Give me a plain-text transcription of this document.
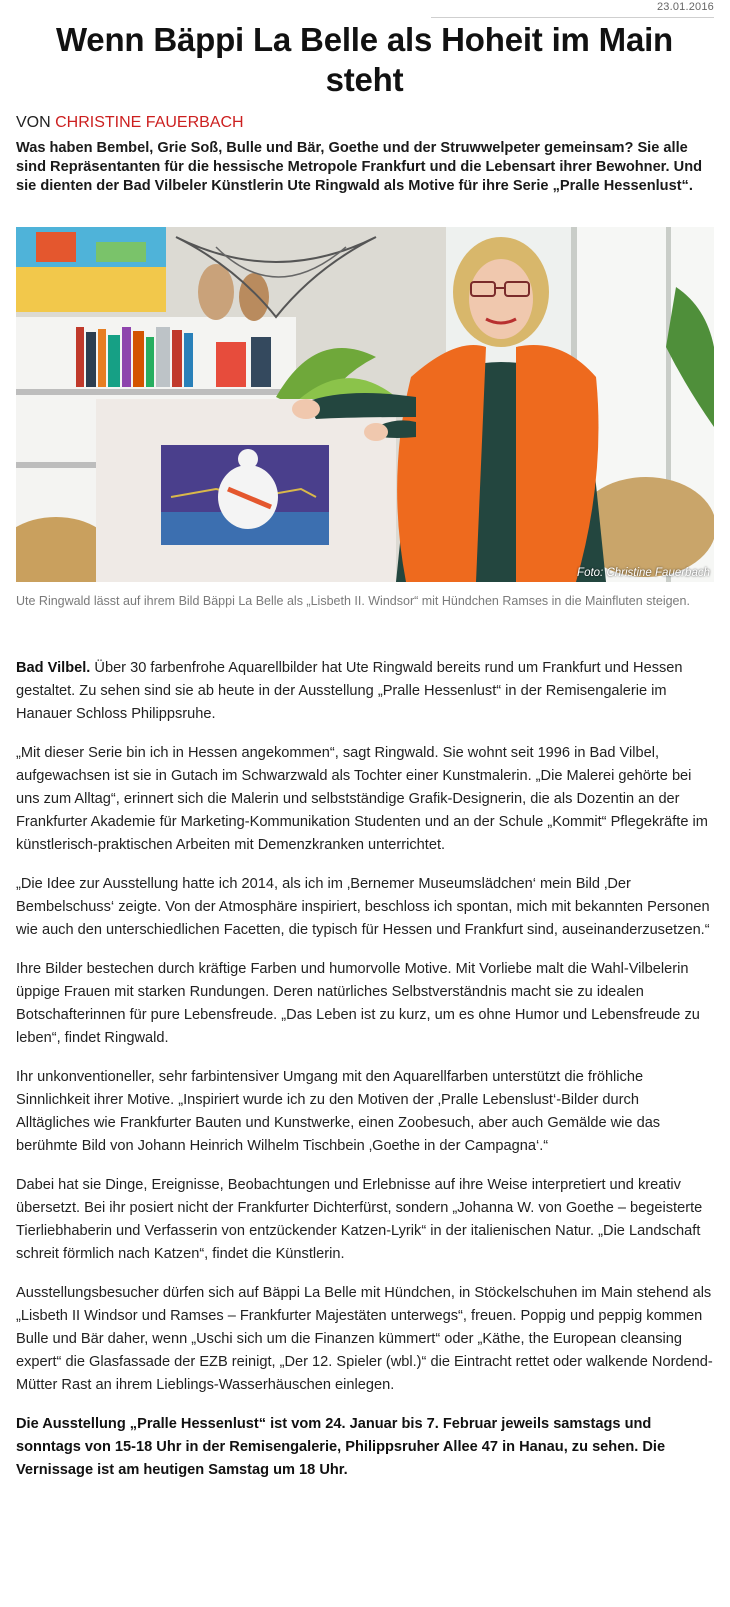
23.01.2016
Wenn Bäppi La Belle als Hoheit im Main steht
VON CHRISTINE FAUERBACH

Was haben Bembel, Grie Soß, Bulle und Bär, Goethe und der Struwwelpeter gemeinsam? Sie alle sind Repräsentanten für die hessische Metropole Frankfurt und die Lebensart ihrer Bewohner. Und sie dienten der Bad Vilbeler Künstlerin Ute Ringwald als Motive für ihre Serie „Pralle Hessenlust“.

Foto: Christine Fauerbach

Ute Ringwald lässt auf ihrem Bild Bäppi La Belle als „Lisbeth II. Windsor“ mit Hündchen Ramses in die Mainfluten steigen.

Bad Vilbel. Über 30 farbenfrohe Aquarellbilder hat Ute Ringwald bereits rund um Frankfurt und Hessen gestaltet. Zu sehen sind sie ab heute in der Ausstellung „Pralle Hessenlust“ in der Remisengalerie im Hanauer Schloss Philippsruhe.

„Mit dieser Serie bin ich in Hessen angekommen“, sagt Ringwald. Sie wohnt seit 1996 in Bad Vilbel, aufgewachsen ist sie in Gutach im Schwarzwald als Tochter einer Kunstmalerin. „Die Malerei gehörte bei uns zum Alltag“, erinnert sich die Malerin und selbstständige Grafik-Designerin, die als Dozentin an der Frankfurter Akademie für Marketing-Kommunikation Studenten und an der Schule „Kommit“ Pflegekräfte im künstlerisch-praktischen Arbeiten mit Demenzkranken unterrichtet.

„Die Idee zur Ausstellung hatte ich 2014, als ich im ‚Bernemer Museumslädchen‘ mein Bild ‚Der Bembelschuss‘ zeigte. Von der Atmosphäre inspiriert, beschloss ich spontan, mich mit bekannten Personen wie auch den unterschiedlichen Facetten, die typisch für Hessen und Frankfurt sind, auseinanderzusetzen.“

Ihre Bilder bestechen durch kräftige Farben und humorvolle Motive. Mit Vorliebe malt die Wahl-Vilbelerin üppige Frauen mit starken Rundungen. Deren natürliches Selbstverständnis macht sie zu idealen Botschafterinnen für pure Lebensfreude. „Das Leben ist zu kurz, um es ohne Humor und Lebensfreude zu leben“, findet Ringwald.

Ihr unkonventioneller, sehr farbintensiver Umgang mit den Aquarellfarben unterstützt die fröhliche Sinnlichkeit ihrer Motive. „Inspiriert wurde ich zu den Motiven der ‚Pralle Lebenslust‘-Bilder durch Alltägliches wie Frankfurter Bauten und Kunstwerke, einen Zoobesuch, aber auch Gemälde wie das berühmte Bild von Johann Heinrich Wilhelm Tischbein ‚Goethe in der Campagna‘.“

Dabei hat sie Dinge, Ereignisse, Beobachtungen und Erlebnisse auf ihre Weise interpretiert und kreativ übersetzt. Bei ihr posiert nicht der Frankfurter Dichterfürst, sondern „Johanna W. von Goethe – begeisterte Tierliebhaberin und Verfasserin von entzückender Katzen-Lyrik“ in der italienischen Natur. „Die Landschaft schreit förmlich nach Katzen“, findet die Künstlerin.

Ausstellungsbesucher dürfen sich auf Bäppi La Belle mit Hündchen, in Stöckelschuhen im Main stehend als „Lisbeth II Windsor und Ramses – Frankfurter Majestäten unterwegs“, freuen. Poppig und peppig kommen Bulle und Bär daher, wenn „Uschi sich um die Finanzen kümmert“ oder „Käthe, the European cleansing expert“ die Glasfassade der EZB reinigt, „Der 12. Spieler (wbl.)“ die Eintracht rettet oder walkende Nordend-Mütter Rast an ihrem Lieblings-Wasserhäuschen einlegen.

Die Ausstellung „Pralle Hessenlust“ ist vom 24. Januar bis 7. Februar jeweils samstags und sonntags von 15-18 Uhr in der Remisengalerie, Philippsruher Allee 47 in Hanau, zu sehen. Die Vernissage ist am heutigen Samstag um 18 Uhr.
